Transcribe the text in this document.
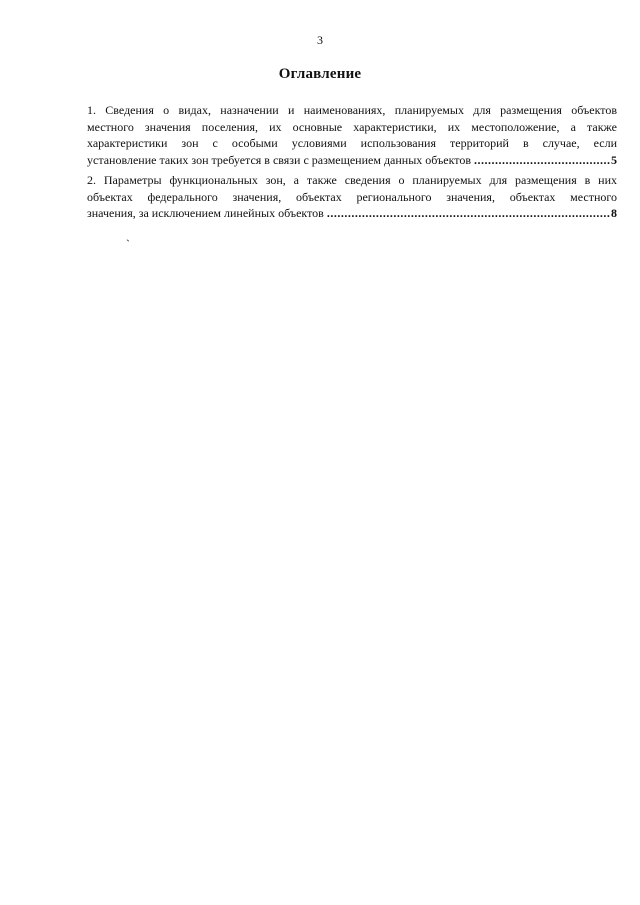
3
Оглавление
1. Сведения о видах, назначении и наименованиях, планируемых для размещения объектов
местного значения поселения, их основные характеристики, их местоположение, а также
характеристики зон с особыми условиями использования территорий в случае, если
установление таких зон требуется в связи с размещением данных объектов .....	5
2. Параметры функциональных зон, а также сведения о планируемых для размещения в них
объектах федерального значения, объектах регионального значения, объектах местного
значения, за исключением линейных объектов .....	8
`
